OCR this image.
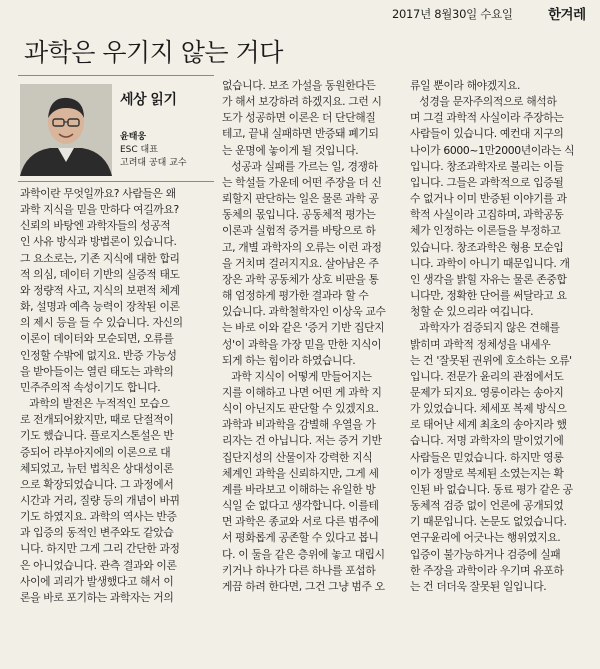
2017년 8월30일 수요일	한겨레
과학은 우기지 않는 거다
세상 읽기
윤태웅
ESC 대표
고려대 공대 교수
과학이란 무엇일까요? 사람들은 왜
과학 지식을 믿을 만하다 여길까요?
신뢰의 바탕엔 과학자들의 성공적
인 사유 방식과 방법론이 있습니다.
그 요소로는, 기존 지식에 대한 합리
적 의심, 데이터 기반의 실증적 태도
와 정량적 사고, 지식의 보편적 체계
화, 설명과 예측 능력이 장착된 이론
의 제시 등을 들 수 있습니다. 자신의
이론이 데이터와 모순되면, 오류를
인정할 수밖에 없지요. 반증 가능성
을 받아들이는 열린 태도는 과학의
민주주의적 속성이기도 합니다.
과학의 발전은 누적적인 모습으
로 전개되어왔지만, 때로 단절적이
기도 했습니다. 플로지스톤설은 반
증되어 라부아지에의 이론으로 대
체되었고, 뉴턴 법칙은 상대성이론
으로 확장되었습니다. 그 과정에서
시간과 거리, 질량 등의 개념이 바뀌
기도 하였지요. 과학의 역사는 반증
과 입증의 동적인 변주와도 같았습
니다. 하지만 그게 그리 간단한 과정
은 아니었습니다. 관측 결과와 이론
사이에 괴리가 발생했다고 해서 이
론을 바로 포기하는 과학자는 거의
없습니다. 보조 가설을 동원한다든
가 해서 보강하려 하겠지요. 그런 시
도가 성공하면 이론은 더 단단해질
테고, 끝내 실패하면 반증돼 폐기되
는 운명에 놓이게 될 것입니다.
성공과 실패를 가르는 일, 경쟁하
는 학설들 가운데 어떤 주장을 더 신
뢰할지 판단하는 일은 물론 과학 공
동체의 몫입니다. 공동체적 평가는
이론과 실험적 증거를 바탕으로 하
고, 개별 과학자의 오류는 이런 과정
을 거치며 걸러지지요. 살아남은 주
장은 과학 공동체가 상호 비판을 통
해 엄정하게 평가한 결과라 할 수
있습니다. 과학철학자인 이상욱 교수
는 바로 이와 같은 '증거 기반 집단지
성'이 과학을 가장 믿을 만한 지식이
되게 하는 힘이라 하였습니다.
과학 지식이 어떻게 만들어지는
지를 이해하고 나면 어떤 게 과학 지
식이 아닌지도 판단할 수 있겠지요.
과학과 비과학을 감별해 우열을 가
리자는 건 아닙니다. 저는 증거 기반
집단지성의 산물이자 강력한 지식
체계인 과학을 신뢰하지만, 그게 세
계를 바라보고 이해하는 유일한 방
식일 순 없다고 생각합니다. 이를테
면 과학은 종교와 서로 다른 범주에
서 평화롭게 공존할 수 있다고 봅니
다. 이 둘을 같은 층위에 놓고 대립시
키거나 하나가 다른 하나를 포섭하
게끔 하려 한다면, 그건 그냥 범주 오
류일 뿐이라 해야겠지요.
성경을 문자주의적으로 해석하
며 그걸 과학적 사실이라 주장하는
사람들이 있습니다. 예컨대 지구의
나이가 6000~1만2000년이라는 식
입니다. 창조과학자로 불리는 이들
입니다. 그들은 과학적으로 입증될
수 없거나 이미 반증된 이야기를 과
학적 사실이라 고집하며, 과학공동
체가 인정하는 이론들을 부정하고
있습니다. 창조과학은 형용 모순입
니다. 과학이 아니기 때문입니다. 개
인 생각을 밝힐 자유는 물론 존중합
니다만, 정확한 단어를 써달라고 요
청할 순 있으리라 여깁니다.
과학자가 검증되지 않은 견해를
밝히며 과학적 정체성을 내세우
는 건 '잘못된 권위에 호소하는 오류'
입니다. 전문가 윤리의 관점에서도
문제가 되지요. 영롱이라는 송아지
가 있었습니다. 체세포 복제 방식으
로 태어난 세계 최초의 송아지라 했
습니다. 저명 과학자의 말이었기에
사람들은 믿었습니다. 하지만 영롱
이가 정말로 복제된 소였는지는 확
인된 바 없습니다. 동료 평가 같은 공
동체적 검증 없이 언론에 공개되었
기 때문입니다. 논문도 없었습니다.
연구윤리에 어긋나는 행위였지요.
입증이 불가능하거나 검증에 실패
한 주장을 과학이라 우기며 유포하
는 건 더더욱 잘못된 일입니다.
